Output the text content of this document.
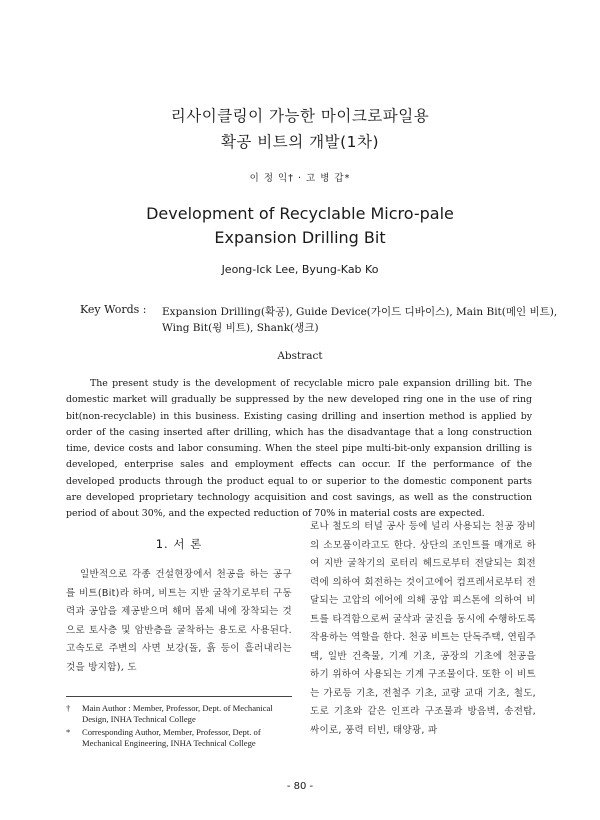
리사이클링이 가능한 마이크로파일용
확공 비트의 개발(1차)
이 정 익† · 고 병 갑*
Development of Recyclable Micro-pale
Expansion Drilling Bit
Jeong-Ick Lee, Byung-Kab Ko
Key Words : Expansion Drilling(확공), Guide Device(가이드 디바이스), Main Bit(메인 비트),
Wing Bit(윙 비트), Shank(생크)
Abstract
The present study is the development of recyclable micro pale expansion drilling bit. The domestic market will gradually be suppressed by the new developed ring one in the use of ring bit(non-recyclable) in this business. Existing casing drilling and insertion method is applied by order of the casing inserted after drilling, which has the disadvantage that a long construction time, device costs and labor consuming. When the steel pipe multi-bit-only expansion drilling is developed, enterprise sales and employment effects can occur. If the performance of the developed products through the product equal to or superior to the domestic component parts are developed proprietary technology acquisition and cost savings, as well as the construction period of about 30%, and the expected reduction of 70% in material costs are expected.
1. 서 론
일반적으로 각종 건설현장에서 천공을 하는 공구를 비트(Bit)라 하며, 비트는 지반 굴착기로부터 구동력과 공압을 제공받으며 해머 몸체 내에 장착되는 것으로 토사층 및 암반층을 굴착하는 용도로 사용된다. 고속도로 주변의 사면 보강(돌, 흙 등이 흘러내리는 것을 방지함), 도
로나 철도의 터널 공사 등에 널리 사용되는 천공 장비의 소모품이라고도 한다. 상단의 조인트를 매개로 하여 지반 굴착기의 로터리 헤드로부터 전달되는 회전력에 의하여 회전하는 것이고에어 컴프레서로부터 전달되는 고압의 에어에 의해 공압 피스톤에 의하여 비트를 타격함으로써 굴삭과 굴진을 동시에 수행하도록 작용하는 역할을 한다. 천공 비트는 단독주택, 연립주택, 일반 건축물, 기계 기초, 공장의 기초에 천공을 하기 위하여 사용되는 기계 구조물이다. 또한 이 비트는 가로등 기초, 전철주 기초, 교량 교대 기초, 철도, 도로 기초와 같은 인프라 구조물과 방음벽, 송전탑, 싸이로, 풍력 터빈, 태양광, 파
†	Main Author : Member, Professor, Dept. of Mechanical Design, INHA Technical College
*	Corresponding Author, Member, Professor, Dept. of Mechanical Engineering, INHA Technical College
- 80 -
